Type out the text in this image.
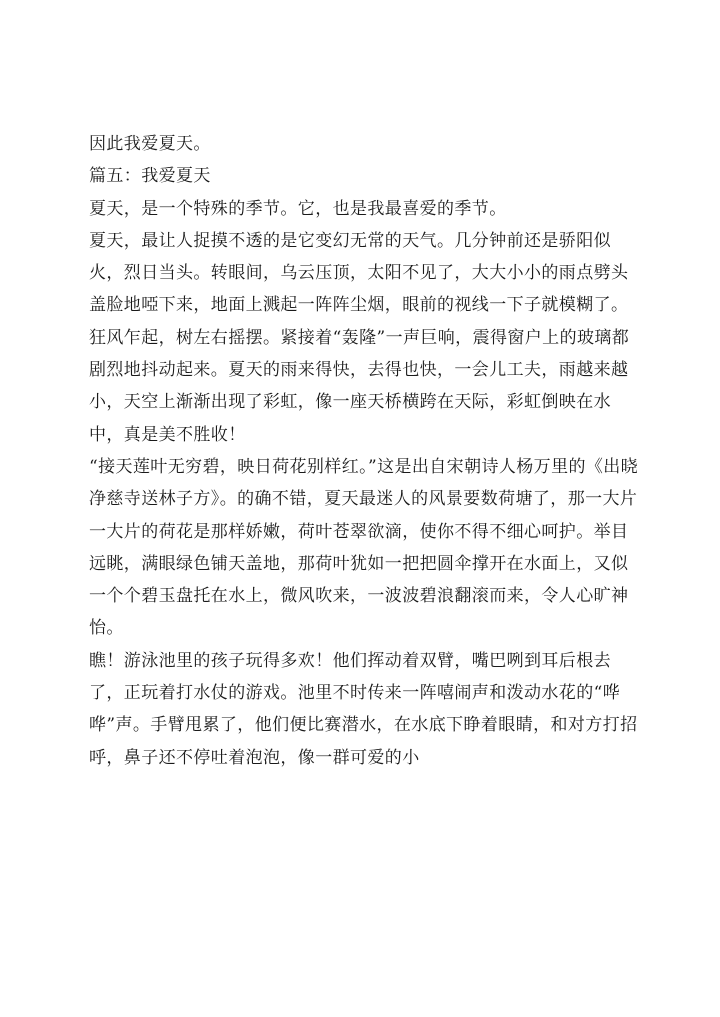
因此我爱夏天。

篇五：我爱夏天

夏天，是一个特殊的季节。它，也是我最喜爱的季节。

夏天，最让人捉摸不透的是它变幻无常的天气。几分钟前还是骄阳似火，烈日当头。转眼间，乌云压顶，太阳不见了，大大小小的雨点劈头盖脸地啞下来，地面上溅起一阵阵尘烟，眼前的视线一下子就模糊了。狂风乍起，树左右摇摆。紧接着“轰隆”一声巨响，震得窗户上的玻璃都剧烈地抖动起来。夏天的雨来得快，去得也快，一会儿工夫，雨越来越小，天空上渐渐出现了彩虹，像一座天桥横跨在天际，彩虹倒映在水中，真是美不胜收！

“接天莲叶无穷碧，映日荷花别样红。”这是出自宋朝诗人杨万里的《出晓净慈寺送林子方》。的确不错，夏天最迷人的风景要数荷塘了，那一大片一大片的荷花是那样娇嫩，荷叶苍翠欲滴，使你不得不细心呵护。举目远眺，满眼绿色铺天盖地，那荷叶犹如一把把圆伞撑开在水面上，又似一个个碧玉盘托在水上，微风吹来，一波波碧浪翻滚而来，令人心旷神怡。

瞧！游泳池里的孩子玩得多欢！他们挥动着双臂，嘴巴咧到耳后根去了，正玩着打水仗的游戏。池里不时传来一阵嘻闹声和泼动水花的“哗哗”声。手臂甩累了，他们便比赛潜水，在水底下睁着眼睛，和对方打招呼，鼻子还不停吐着泡泡，像一群可爱的小
